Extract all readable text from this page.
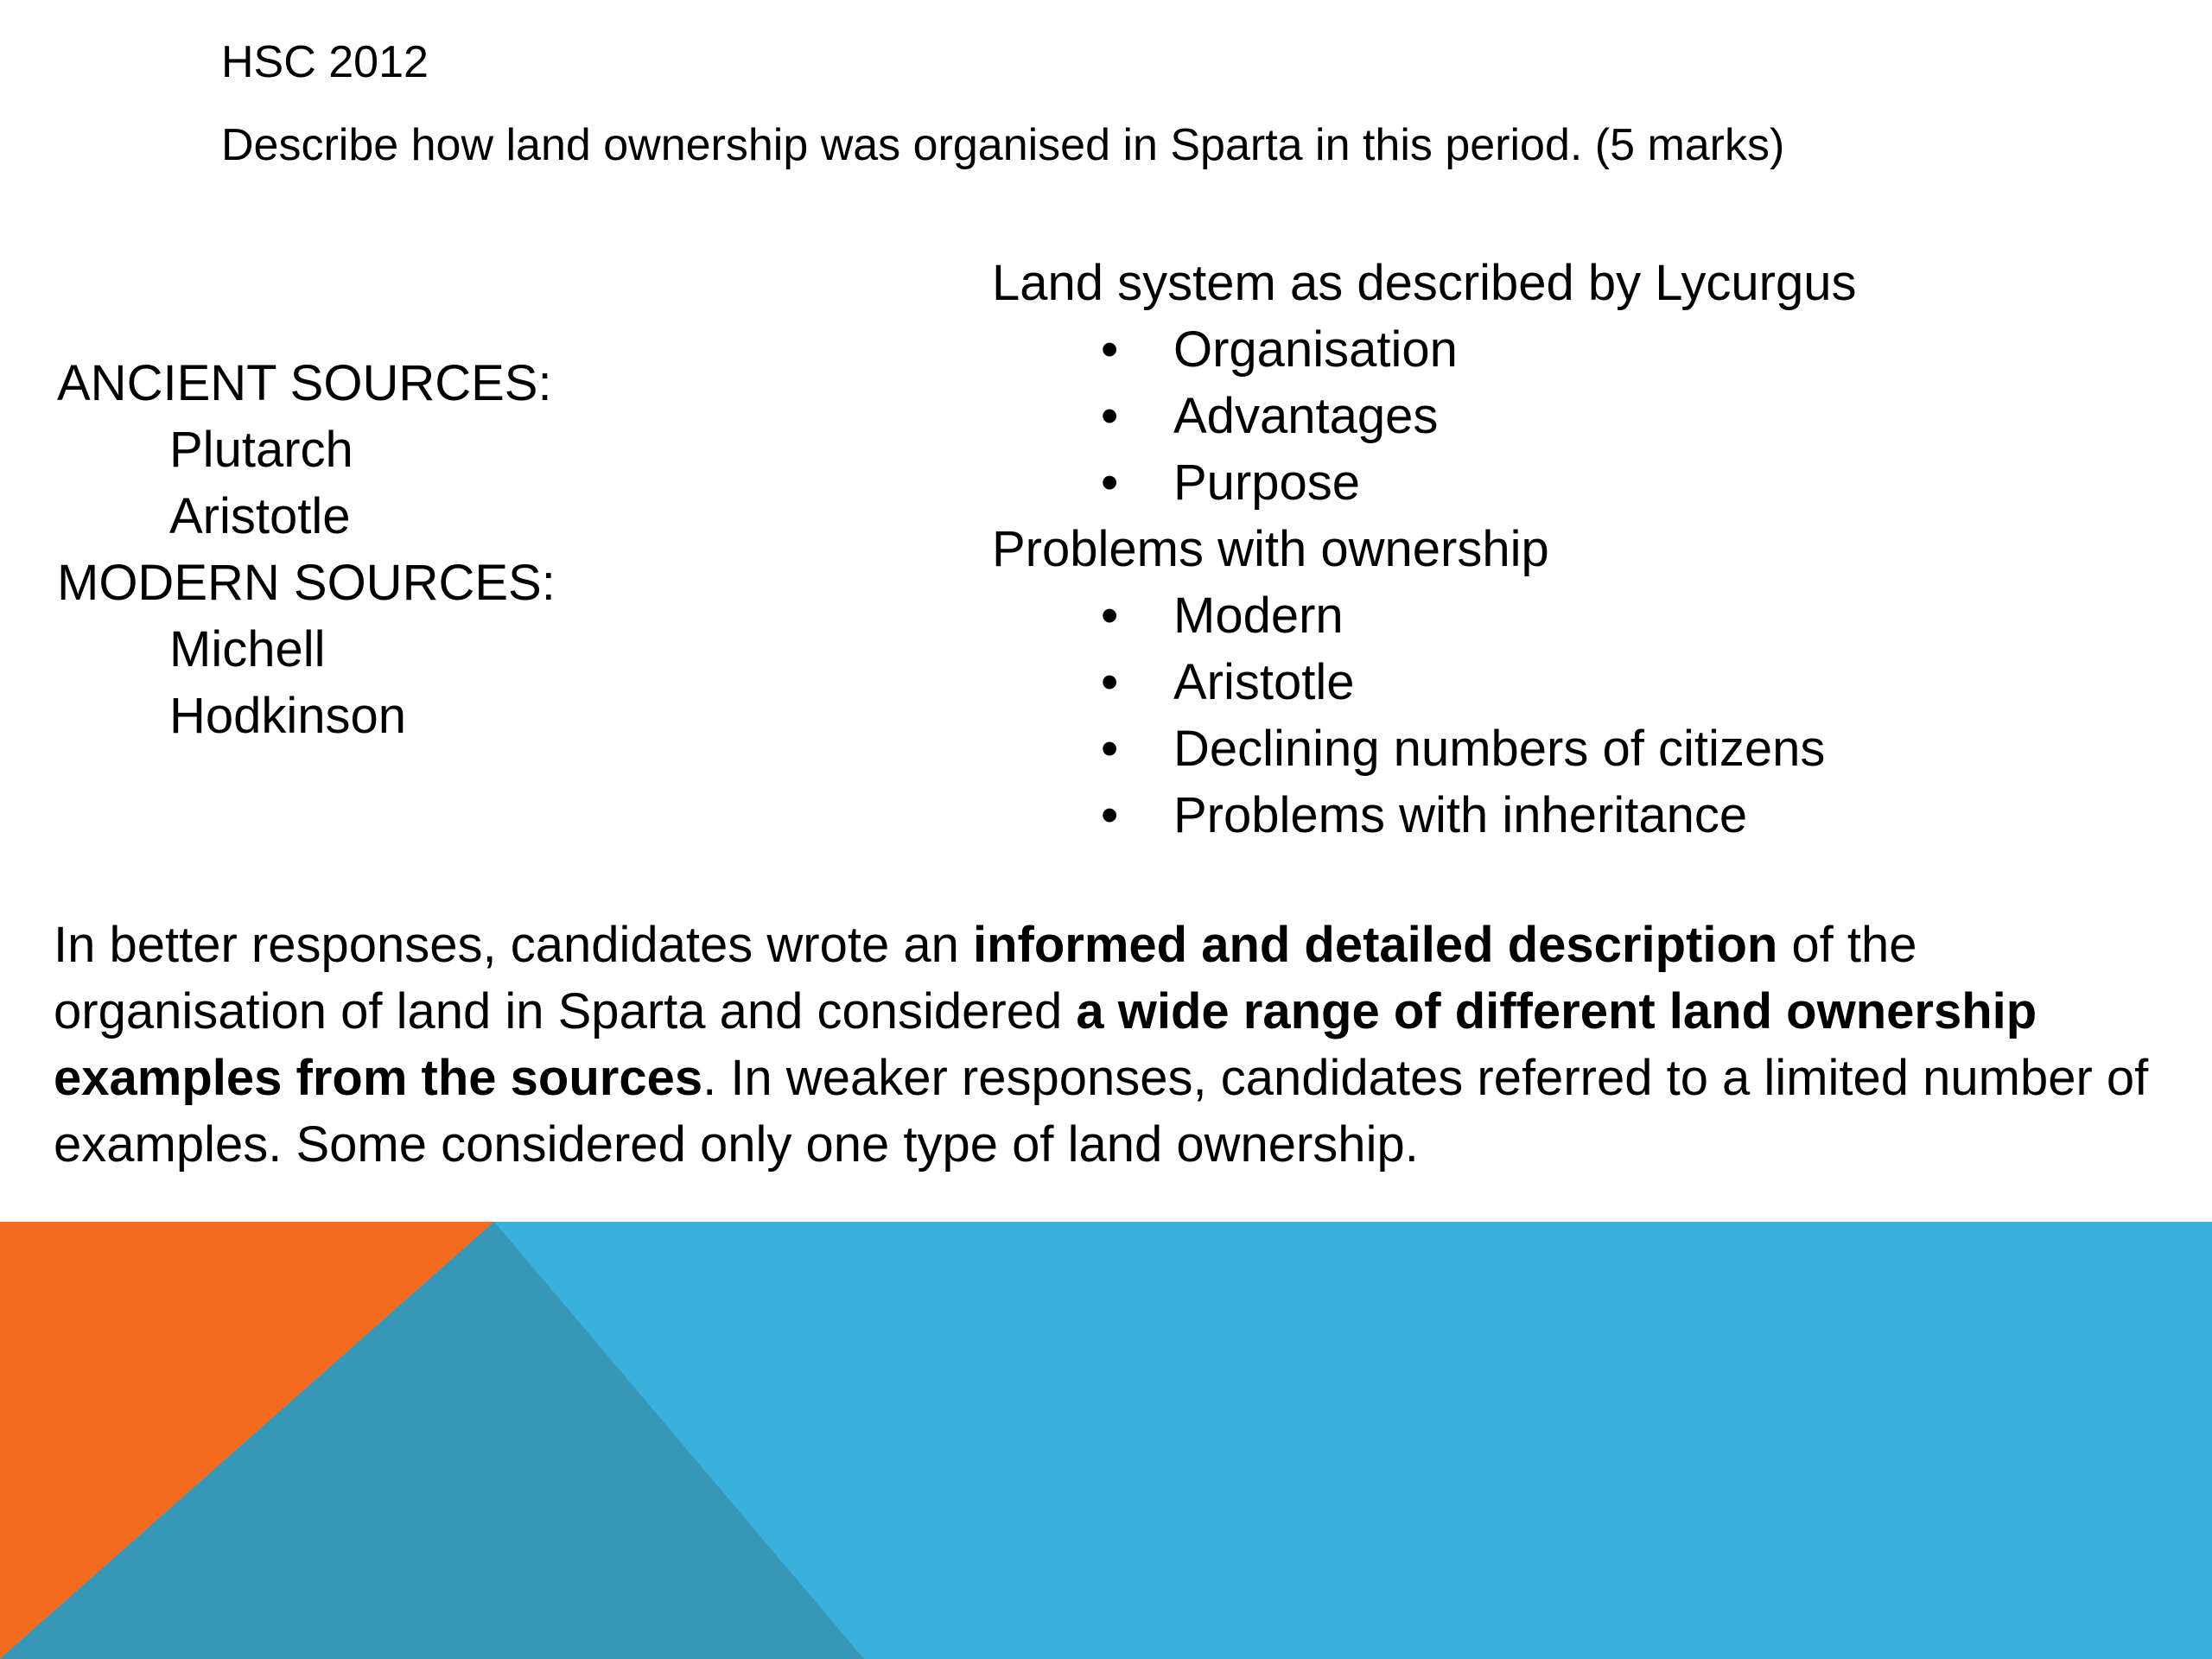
HSC 2012
Describe how land ownership was organised in Sparta in this period. (5 marks)
ANCIENT SOURCES:
Plutarch
Aristotle
MODERN SOURCES:
Michell
Hodkinson
Land system as described by Lycurgus
• Organisation
• Advantages
• Purpose
Problems with ownership
• Modern
• Aristotle
• Declining numbers of citizens
• Problems with inheritance
In better responses, candidates wrote an informed and detailed description of the organisation of land in Sparta and considered a wide range of different land ownership examples from the sources. In weaker responses, candidates referred to a limited number of examples. Some considered only one type of land ownership.
